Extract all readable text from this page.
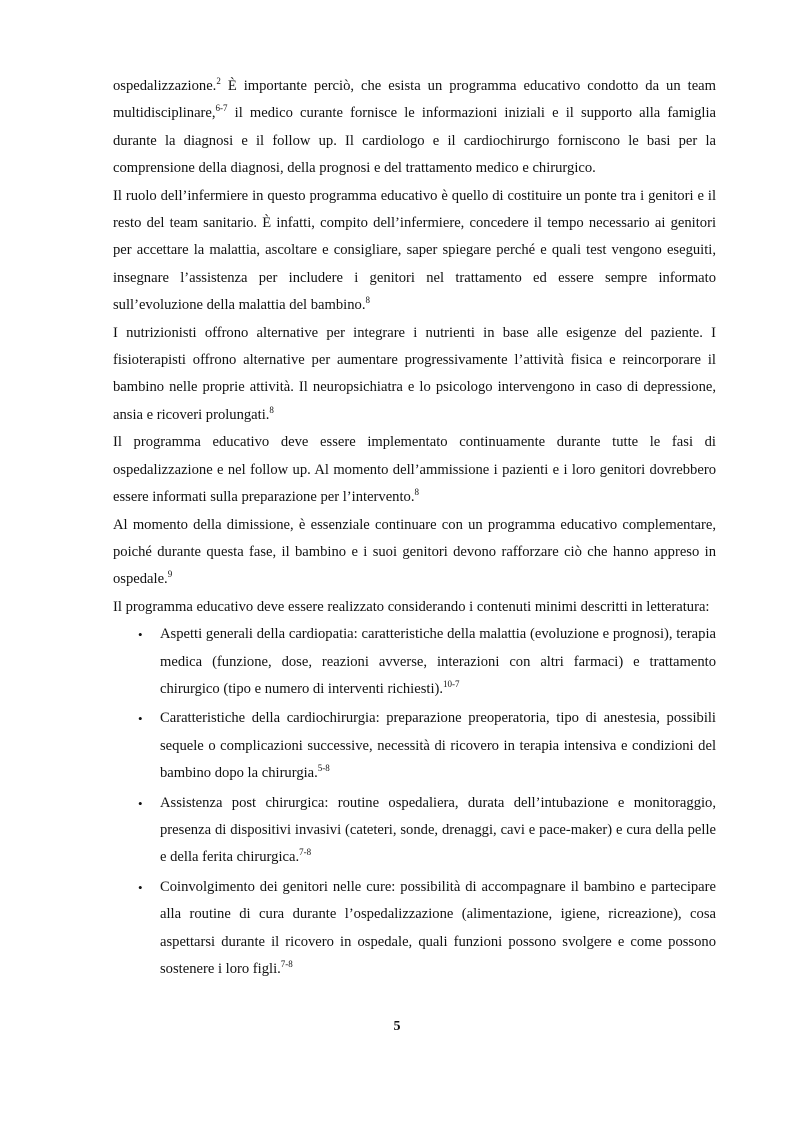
ospedalizzazione.$^2$ È importante perciò, che esista un programma educativo condotto da un team multidisciplinare,$^{6-7}$ il medico curante fornisce le informazioni iniziali e il supporto alla famiglia durante la diagnosi e il follow up. Il cardiologo e il cardiochirurgo forniscono le basi per la comprensione della diagnosi, della prognosi e del trattamento medico e chirurgico.

Il ruolo dell’infermiere in questo programma educativo è quello di costituire un ponte tra i genitori e il resto del team sanitario. È infatti, compito dell’infermiere, concedere il tempo necessario ai genitori per accettare la malattia, ascoltare e consigliare, saper spiegare perché e quali test vengono eseguiti, insegnare l’assistenza per includere i genitori nel trattamento ed essere sempre informato sull’evoluzione della malattia del bambino.$^8$

I nutrizionisti offrono alternative per integrare i nutrienti in base alle esigenze del paziente. I fisioterapisti offrono alternative per aumentare progressivamente l’attività fisica e reincorporare il bambino nelle proprie attività. Il neuropsichiatra e lo psicologo intervengono in caso di depressione, ansia e ricoveri prolungati.$^8$

Il programma educativo deve essere implementato continuamente durante tutte le fasi di ospedalizzazione e nel follow up. Al momento dell’ammissione i pazienti e i loro genitori dovrebbero essere informati sulla preparazione per l’intervento.$^8$

Al momento della dimissione, è essenziale continuare con un programma educativo complementare, poiché durante questa fase, il bambino e i suoi genitori devono rafforzare ciò che hanno appreso in ospedale.$^9$

Il programma educativo deve essere realizzato considerando i contenuti minimi descritti in letteratura:

• Aspetti generali della cardiopatia: caratteristiche della malattia (evoluzione e prognosi), terapia medica (funzione, dose, reazioni avverse, interazioni con altri farmaci) e trattamento chirurgico (tipo e numero di interventi richiesti).$^{10-7}$
• Caratteristiche della cardiochirurgia: preparazione preoperatoria, tipo di anestesia, possibili sequele o complicazioni successive, necessità di ricovero in terapia intensiva e condizioni del bambino dopo la chirurgia.$^{5-8}$
• Assistenza post chirurgica: routine ospedaliera, durata dell’intubazione e monitoraggio, presenza di dispositivi invasivi (cateteri, sonde, drenaggi, cavi e pace-maker) e cura della pelle e della ferita chirurgica.$^{7-8}$
• Coinvolgimento dei genitori nelle cure: possibilità di accompagnare il bambino e partecipare alla routine di cura durante l’ospedalizzazione (alimentazione, igiene, ricreazione), cosa aspettarsi durante il ricovero in ospedale, quali funzioni possono svolgere e come possono sostenere i loro figli.$^{7-8}$
5
